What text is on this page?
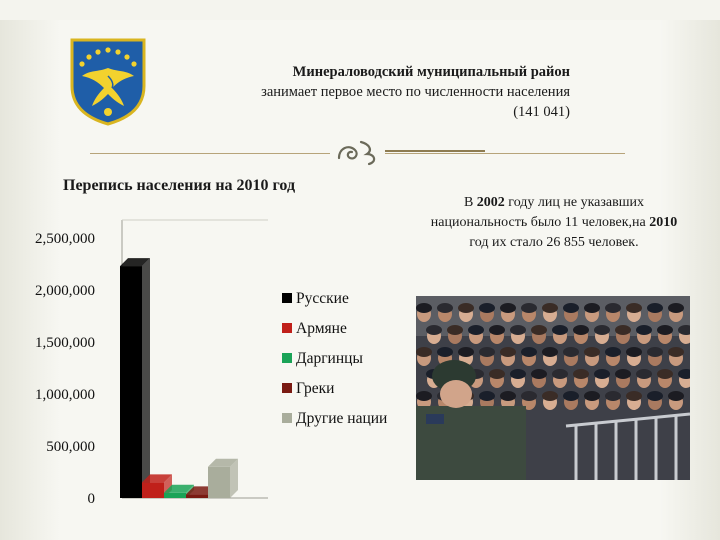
Минераловодский муниципальный район
занимает первое место по численности населения
(141 041)
Перепись населения на 2010 год
0
500,000
1,000,000
1,500,000
2,000,000
2,500,000
Русские
Армяне
Даргинцы
Греки
Другие нации
В 2002 году лиц не указавших национальность было 11 человек,на 2010 год их стало 26 855 человек.
